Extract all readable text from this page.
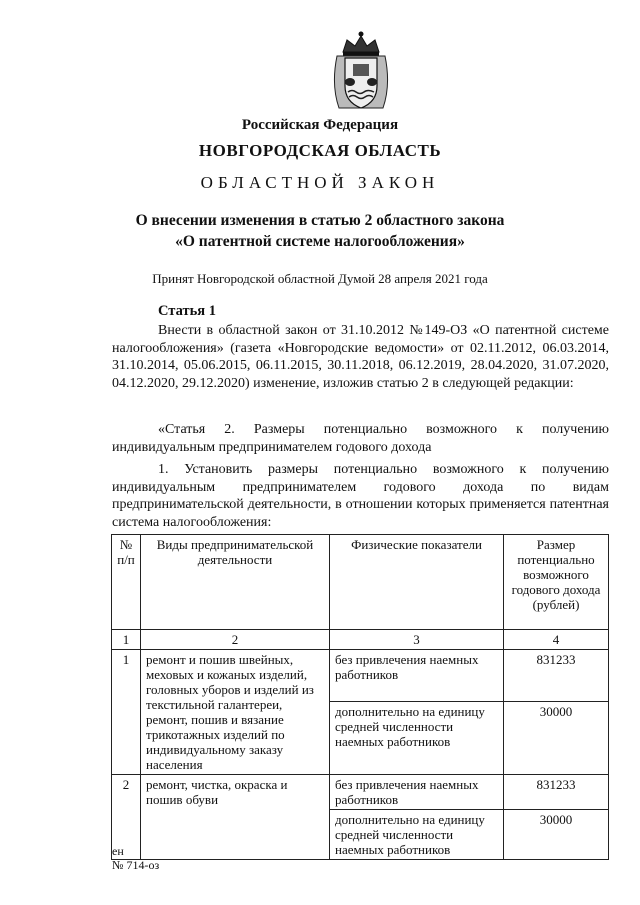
Российская Федерация
НОВГОРОДСКАЯ ОБЛАСТЬ
ОБЛАСТНОЙ ЗАКОН
О внесении изменения в статью 2 областного закона
«О патентной системе налогообложения»
Принят Новгородской областной Думой 28 апреля 2021 года
Статья 1

Внести в областной закон от 31.10.2012 №149-ОЗ «О патентной системе налогообложения» (газета «Новгородские ведомости» от 02.11.2012, 06.03.2014, 31.10.2014, 05.06.2015, 06.11.2015, 30.11.2018, 06.12.2019, 28.04.2020, 31.07.2020, 04.12.2020, 29.12.2020) изменение, изложив статью 2 в следующей редакции:

«Статья 2. Размеры потенциально возможного к получению индивидуальным предпринимателем годового дохода

1. Установить размеры потенциально возможного к получению индивидуальным предпринимателем годового дохода по видам предпринимательской деятельности, в отношении которых применяется патентная система налогообложения:

№ п/п	Виды предпринимательской деятельности	Физические показатели	Размер потенциально возможного годового дохода (рублей)
1	2	3	4
1	ремонт и пошив швейных, меховых и кожаных изделий, головных уборов и изделий из текстильной галантереи, ремонт, пошив и вязание трикотажных изделий по индивидуальному заказу населения	без привлечения наемных работников	831233
		дополнительно на единицу средней численности наемных работников	30000
2	ремонт, чистка, окраска и пошив обуви	без привлечения наемных работников	831233
		дополнительно на единицу средней численности наемных работников	30000
ен
№ 714-оз
